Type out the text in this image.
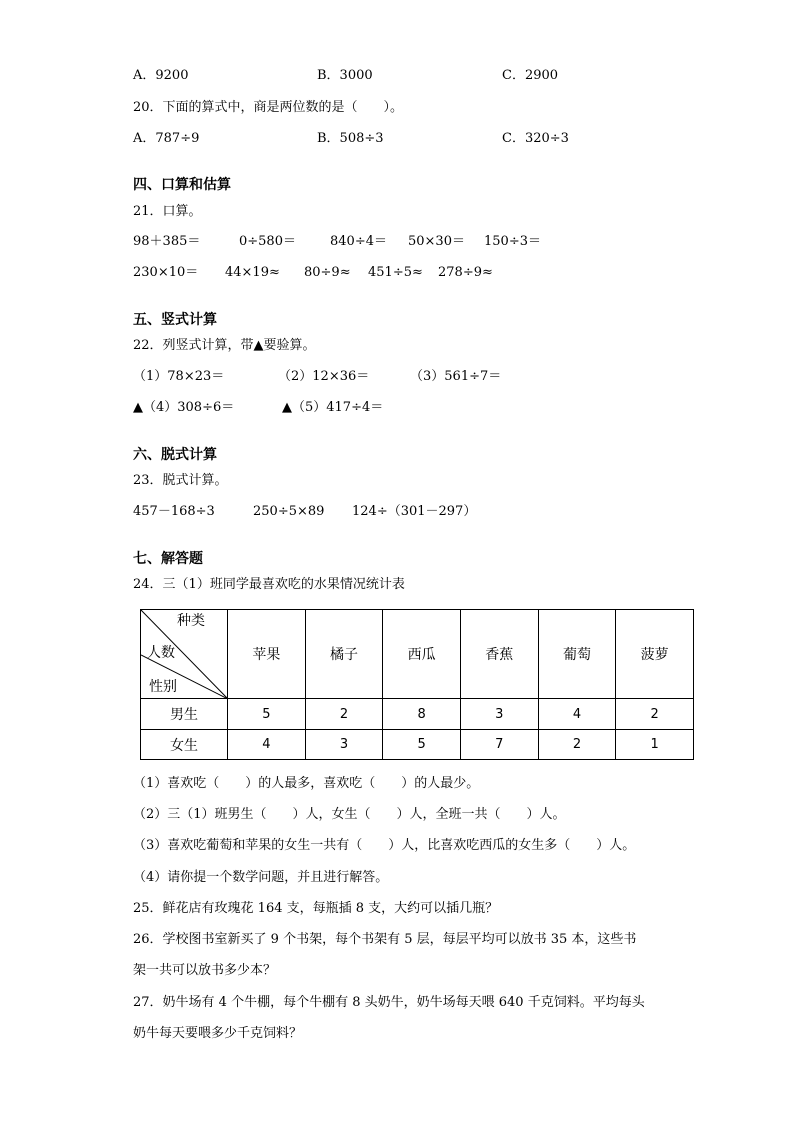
A．9200	B．3000	C．2900
20．下面的算式中，商是两位数的是（　　）。
A．787÷9	B．508÷3	C．320÷3
四、口算和估算
21．口算。
98＋385＝	0÷580＝	840÷4＝ 50×30＝ 150÷3＝
230×10＝ 44×19≈ 80÷9≈ 451÷5≈ 278÷9≈
五、竖式计算
22．列竖式计算，带▲要验算。
（1）78×23＝	（2）12×36＝	（3）561÷7＝
▲（4）308÷6＝	▲（5）417÷4＝
六、脱式计算
23．脱式计算。
457－168÷3	250÷5×89 124÷（301－297）
七、解答题
24．三（1）班同学最喜欢吃的水果情况统计表
种类
人数
性别	苹果	橘子	西瓜	香蕉	葡萄	菠萝
男生	5	2	8	3	4	2
女生	4	3	5	7	2	1
（1）喜欢吃（　　）的人最多，喜欢吃（　　）的人最少。
（2）三（1）班男生（　　）人，女生（　　）人，全班一共（　　）人。
（3）喜欢吃葡萄和苹果的女生一共有（　　）人，比喜欢吃西瓜的女生多（　　）人。
（4）请你提一个数学问题，并且进行解答。
25．鲜花店有玫瑰花 164 支，每瓶插 8 支，大约可以插几瓶？
26．学校图书室新买了 9 个书架，每个书架有 5 层，每层平均可以放书 35 本，这些书
架一共可以放书多少本？
27．奶牛场有 4 个牛棚，每个牛棚有 8 头奶牛，奶牛场每天喂 640 千克饲料。平均每头
奶牛每天要喂多少千克饲料？
